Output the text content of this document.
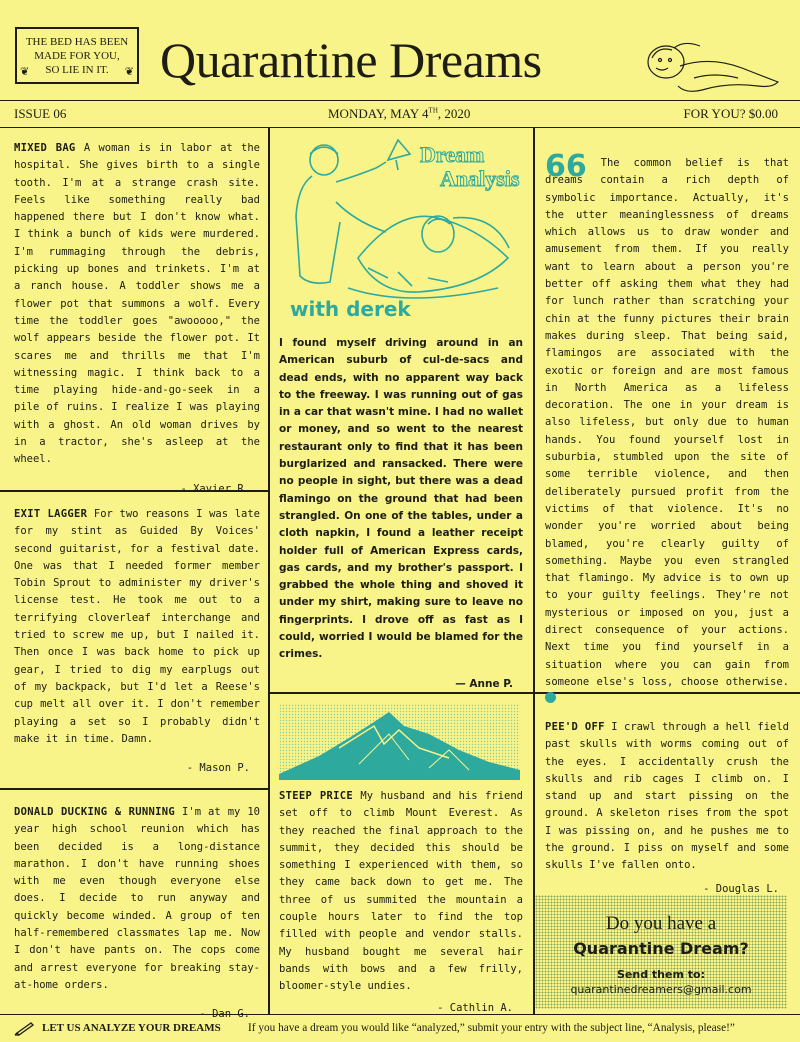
THE BED HAS BEEN
MADE FOR YOU,
SO LIE IN IT.
❦	❦ Quarantine Dreams
ISSUE 06	MONDAY, MAY 4TH, 2020	FOR YOU? $0.00
MIXED BAG A woman is in labor at the hospital. She gives birth to a single tooth. I'm at a strange crash site. Feels like something really bad happened there but I don't know what. I think a bunch of kids were murdered. I'm rummaging through the debris, picking up bones and trinkets. I'm at a ranch house. A toddler shows me a flower pot that summons a wolf. Every time the toddler goes "awooooo," the wolf appears beside the flower pot. It scares me and thrills me that I'm witnessing magic. I think back to a time playing hide-and-go-seek in a pile of ruins. I realize I was playing with a ghost. An old woman drives by in a tractor, she's asleep at the wheel.
- Xavier R.
EXIT LAGGER For two reasons I was late for my stint as Guided By Voices' second guitarist, for a festival date. One was that I needed former member Tobin Sprout to administer my driver's license test. He took me out to a terrifying cloverleaf interchange and tried to screw me up, but I nailed it. Then once I was back home to pick up gear, I tried to dig my earplugs out of my backpack, but I'd let a Reese's cup melt all over it. I don't remember playing a set so I probably didn't make it in time. Damn.
- Mason P.
DONALD DUCKING & RUNNING I'm at my 10 year high school reunion which has been decided is a long-distance marathon. I don't have running shoes with me even though everyone else does. I decide to run anyway and quickly become winded. A group of ten half-remembered classmates lap me. Now I don't have pants on. The cops come and arrest everyone for breaking stay-at-home orders.
- Dan G.
Dream
Analysis
with derek
I found myself driving around in an American suburb of cul-de-sacs and dead ends, with no apparent way back to the freeway. I was running out of gas in a car that wasn't mine. I had no wallet or money, and so went to the nearest restaurant only to find that it has been burglarized and ransacked. There were no people in sight, but there was a dead flamingo on the ground that had been strangled. On one of the tables, under a cloth napkin, I found a leather receipt holder full of American Express cards, gas cards, and my brother's passport. I grabbed the whole thing and shoved it under my shirt, making sure to leave no fingerprints. I drove off as fast as I could, worried I would be blamed for the crimes.
— Anne P.
66 The common belief is that dreams contain a rich depth of symbolic importance. Actually, it's the utter meaninglessness of dreams which allows us to draw wonder and amusement from them. If you really want to learn about a person you're better off asking them what they had for lunch rather than scratching your chin at the funny pictures their brain makes during sleep. That being said, flamingos are associated with the exotic or foreign and are most famous in North America as a lifeless decoration. The one in your dream is also lifeless, but only due to human hands. You found yourself lost in suburbia, stumbled upon the site of some terrible violence, and then deliberately pursued profit from the victims of that violence. It's no wonder you're worried about being blamed, you're clearly guilty of something. Maybe you even strangled that flamingo. My advice is to own up to your guilty feelings. They're not mysterious or imposed on you, just a direct consequence of your actions. Next time you find yourself in a situation where you can gain from someone else's loss, choose otherwise.
STEEP PRICE My husband and his friend set off to climb Mount Everest. As they reached the final approach to the summit, they decided this should be something I experienced with them, so they came back down to get me. The three of us summited the mountain a couple hours later to find the top filled with people and vendor stalls. My husband bought me several hair bands with bows and a few frilly, bloomer-style undies.
- Cathlin A.
PEE'D OFF I crawl through a hell field past skulls with worms coming out of the eyes. I accidentally crush the skulls and rib cages I climb on. I stand up and start pissing on the ground. A skeleton rises from the spot I was pissing on, and he pushes me to the ground. I piss on myself and some skulls I've fallen onto.
- Douglas L.
Do you have a
Quarantine Dream?
Send them to:
quarantinedreamers@gmail.com
LET US ANALYZE YOUR DREAMS If you have a dream you would like “analyzed,” submit your entry with the subject line, “Analysis, please!”
